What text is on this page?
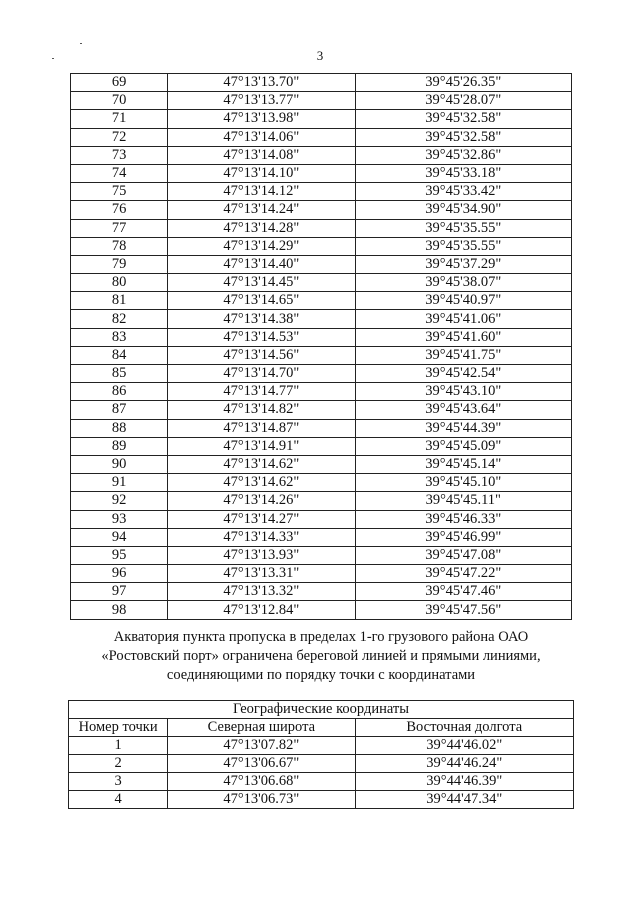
3
69	47°13'13.70"	39°45'26.35"
70	47°13'13.77"	39°45'28.07"
71	47°13'13.98"	39°45'32.58"
72	47°13'14.06"	39°45'32.58"
73	47°13'14.08"	39°45'32.86"
74	47°13'14.10"	39°45'33.18"
75	47°13'14.12"	39°45'33.42"
76	47°13'14.24"	39°45'34.90"
77	47°13'14.28"	39°45'35.55"
78	47°13'14.29"	39°45'35.55"
79	47°13'14.40"	39°45'37.29"
80	47°13'14.45"	39°45'38.07"
81	47°13'14.65"	39°45'40.97"
82	47°13'14.38"	39°45'41.06"
83	47°13'14.53"	39°45'41.60"
84	47°13'14.56"	39°45'41.75"
85	47°13'14.70"	39°45'42.54"
86	47°13'14.77"	39°45'43.10"
87	47°13'14.82"	39°45'43.64"
88	47°13'14.87"	39°45'44.39"
89	47°13'14.91"	39°45'45.09"
90	47°13'14.62"	39°45'45.14"
91	47°13'14.62"	39°45'45.10"
92	47°13'14.26"	39°45'45.11"
93	47°13'14.27"	39°45'46.33"
94	47°13'14.33"	39°45'46.99"
95	47°13'13.93"	39°45'47.08"
96	47°13'13.31"	39°45'47.22"
97	47°13'13.32"	39°45'47.46"
98	47°13'12.84"	39°45'47.56"
Акватория пункта пропуска в пределах 1-го грузового района ОАО
«Ростовский порт» ограничена береговой линией и прямыми линиями,
соединяющими по порядку точки с координатами
Географические координаты		
Номер точки	Северная широта	Восточная долгота
1	47°13'07.82"	39°44'46.02"
2	47°13'06.67"	39°44'46.24"
3	47°13'06.68"	39°44'46.39"
4	47°13'06.73"	39°44'47.34"
